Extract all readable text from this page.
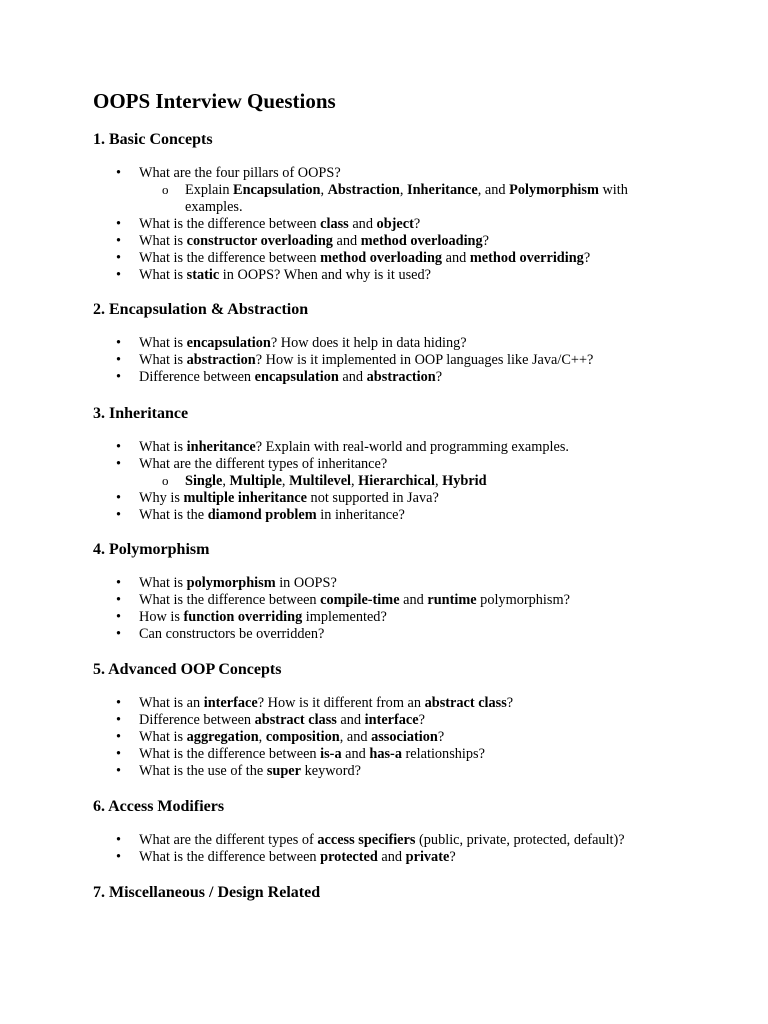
OOPS Interview Questions
1. Basic Concepts
• What are the four pillars of OOPS?
o Explain Encapsulation, Abstraction, Inheritance, and Polymorphism with examples.
• What is the difference between class and object?
• What is constructor overloading and method overloading?
• What is the difference between method overloading and method overriding?
• What is static in OOPS? When and why is it used?
2. Encapsulation & Abstraction
• What is encapsulation? How does it help in data hiding?
• What is abstraction? How is it implemented in OOP languages like Java/C++?
• Difference between encapsulation and abstraction?
3. Inheritance
• What is inheritance? Explain with real-world and programming examples.
• What are the different types of inheritance?
o Single, Multiple, Multilevel, Hierarchical, Hybrid
• Why is multiple inheritance not supported in Java?
• What is the diamond problem in inheritance?
4. Polymorphism
• What is polymorphism in OOPS?
• What is the difference between compile-time and runtime polymorphism?
• How is function overriding implemented?
• Can constructors be overridden?
5. Advanced OOP Concepts
• What is an interface? How is it different from an abstract class?
• Difference between abstract class and interface?
• What is aggregation, composition, and association?
• What is the difference between is-a and has-a relationships?
• What is the use of the super keyword?
6. Access Modifiers
• What are the different types of access specifiers (public, private, protected, default)?
• What is the difference between protected and private?
7. Miscellaneous / Design Related
